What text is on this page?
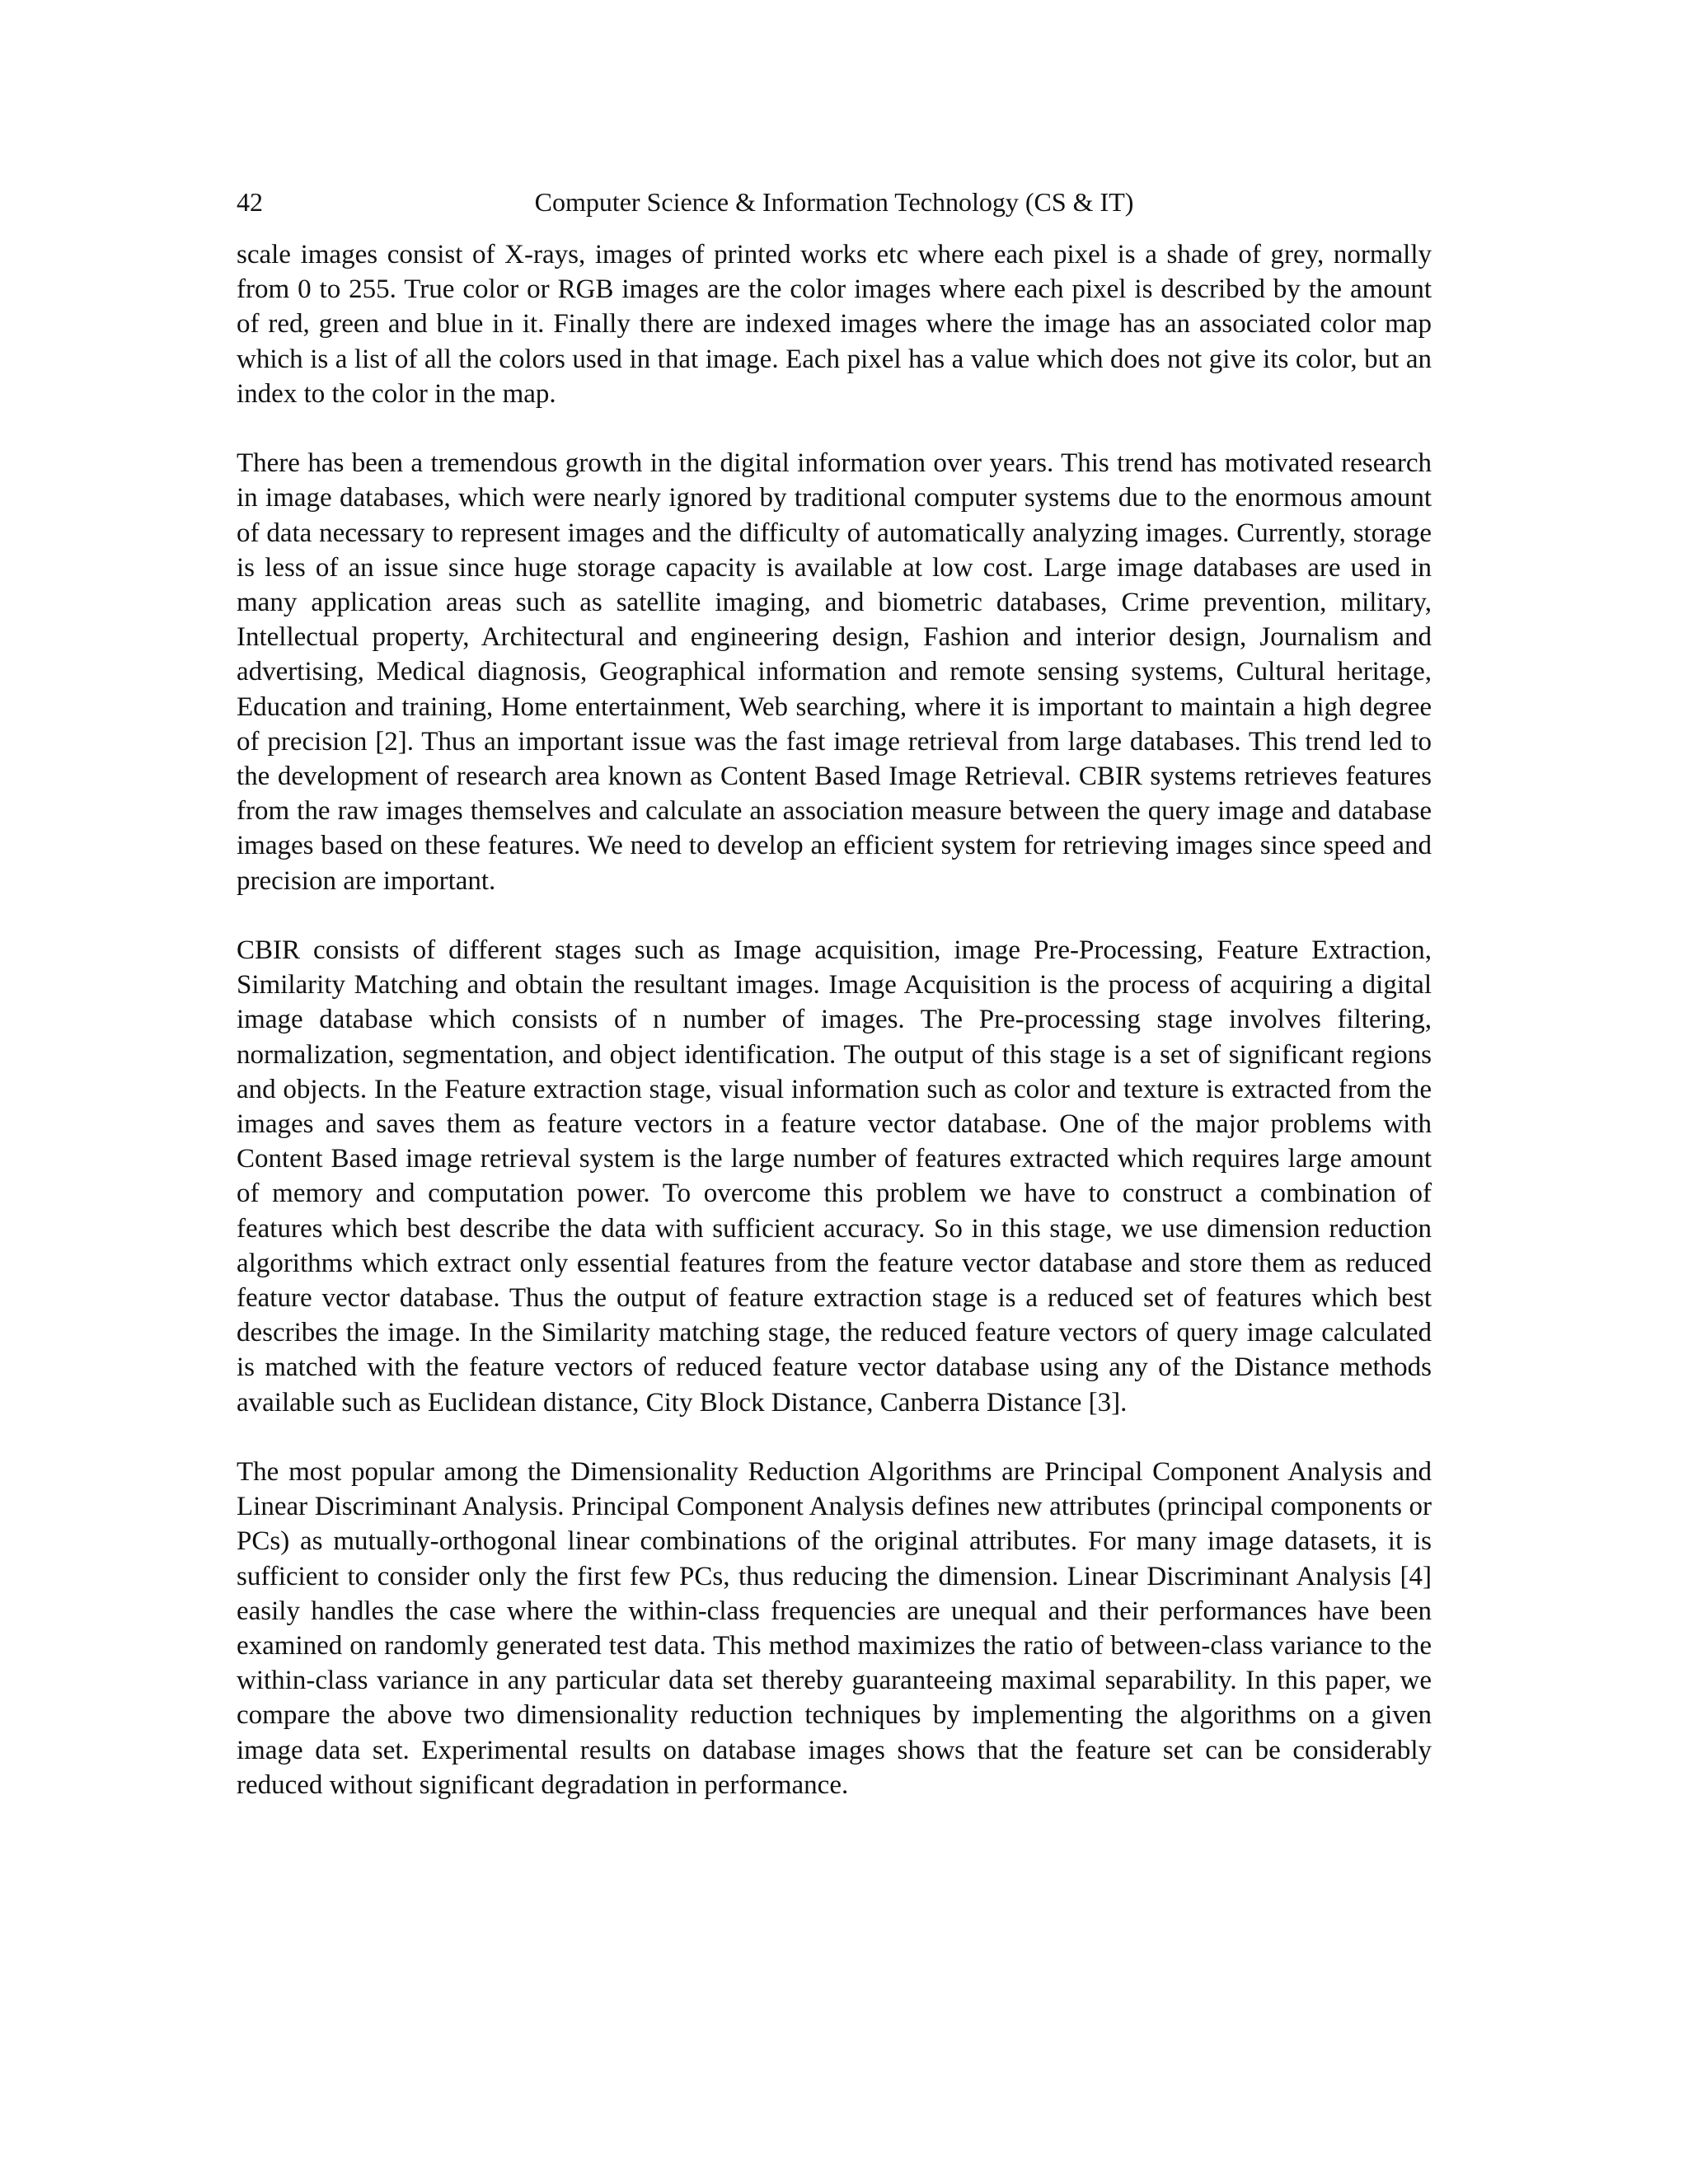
42	Computer Science & Information Technology (CS & IT)

scale images consist of X-rays, images of printed works etc where each pixel is a shade of grey, normally from 0 to 255. True color or RGB images are the color images where each pixel is described by the amount of red, green and blue in it. Finally there are indexed images where the image has an associated color map which is a list of all the colors used in that image. Each pixel has a value which does not give its color, but an index to the color in the map.

There has been a tremendous growth in the digital information over years. This trend has motivated research in image databases, which were nearly ignored by traditional computer systems due to the enormous amount of data necessary to represent images and the difficulty of automatically analyzing images. Currently, storage is less of an issue since huge storage capacity is available at low cost. Large image databases are used in many application areas such as satellite imaging, and biometric databases, Crime prevention, military, Intellectual property, Architectural and engineering design, Fashion and interior design, Journalism and advertising, Medical diagnosis, Geographical information and remote sensing systems, Cultural heritage, Education and training, Home entertainment, Web searching, where it is important to maintain a high degree of precision [2]. Thus an important issue was the fast image retrieval from large databases. This trend led to the development of research area known as Content Based Image Retrieval. CBIR systems retrieves features from the raw images themselves and calculate an association measure between the query image and database images based on these features. We need to develop an efficient system for retrieving images since speed and precision are important.

CBIR consists of different stages such as Image acquisition, image Pre-Processing, Feature Extraction, Similarity Matching and obtain the resultant images. Image Acquisition is the process of acquiring a digital image database which consists of n number of images. The Pre-processing stage involves filtering, normalization, segmentation, and object identification. The output of this stage is a set of significant regions and objects. In the Feature extraction stage, visual information such as color and texture is extracted from the images and saves them as feature vectors in a feature vector database. One of the major problems with Content Based image retrieval system is the large number of features extracted which requires large amount of memory and computation power. To overcome this problem we have to construct a combination of features which best describe the data with sufficient accuracy. So in this stage, we use dimension reduction algorithms which extract only essential features from the feature vector database and store them as reduced feature vector database. Thus the output of feature extraction stage is a reduced set of features which best describes the image. In the Similarity matching stage, the reduced feature vectors of query image calculated is matched with the feature vectors of reduced feature vector database using any of the Distance methods available such as Euclidean distance, City Block Distance, Canberra Distance [3].

The most popular among the Dimensionality Reduction Algorithms are Principal Component Analysis and Linear Discriminant Analysis. Principal Component Analysis defines new attributes (principal components or PCs) as mutually-orthogonal linear combinations of the original attributes. For many image datasets, it is sufficient to consider only the first few PCs, thus reducing the dimension. Linear Discriminant Analysis [4] easily handles the case where the within-class frequencies are unequal and their performances have been examined on randomly generated test data. This method maximizes the ratio of between-class variance to the within-class variance in any particular data set thereby guaranteeing maximal separability. In this paper, we compare the above two dimensionality reduction techniques by implementing the algorithms on a given image data set. Experimental results on database images shows that the feature set can be considerably reduced without significant degradation in performance.
